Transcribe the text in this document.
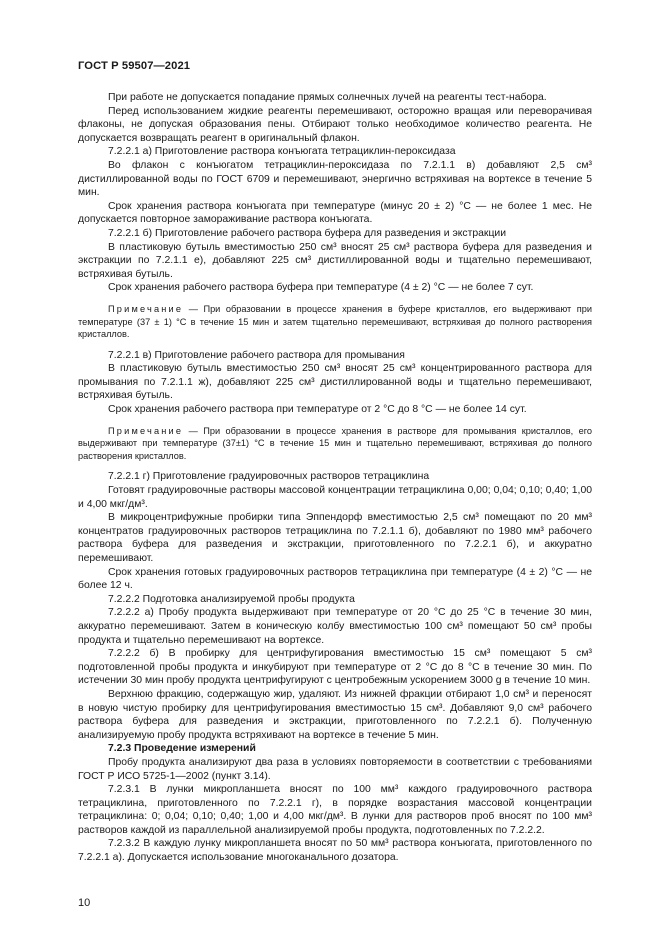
ГОСТ Р 59507—2021

При работе не допускается попадание прямых солнечных лучей на реагенты тест-набора.

Перед использованием жидкие реагенты перемешивают, осторожно вращая или переворачивая флаконы, не допуская образования пены. Отбирают только необходимое количество реагента. Не допускается возвращать реагент в оригинальный флакон.

7.2.2.1 а) Приготовление раствора конъюгата тетрациклин-пероксидаза

Во флакон с конъюгатом тетрациклин-пероксидаза по 7.2.1.1 в) добавляют 2,5 см³ дистиллированной воды по ГОСТ 6709 и перемешивают, энергично встряхивая на вортексе в течение 5 мин.

Срок хранения раствора конъюгата при температуре (минус 20 ± 2) °C — не более 1 мес. Не допускается повторное замораживание раствора конъюгата.

7.2.2.1 б) Приготовление рабочего раствора буфера для разведения и экстракции

В пластиковую бутыль вместимостью 250 см³ вносят 25 см³ раствора буфера для разведения и экстракции по 7.2.1.1 е), добавляют 225 см³ дистиллированной воды и тщательно перемешивают, встряхивая бутыль.

Срок хранения рабочего раствора буфера при температуре (4 ± 2) °C — не более 7 сут.

Примечание — При образовании в процессе хранения в буфере кристаллов, его выдерживают при температуре (37 ± 1) °C в течение 15 мин и затем тщательно перемешивают, встряхивая до полного растворения кристаллов.

7.2.2.1 в) Приготовление рабочего раствора для промывания

В пластиковую бутыль вместимостью 250 см³ вносят 25 см³ концентрированного раствора для промывания по 7.2.1.1 ж), добавляют 225 см³ дистиллированной воды и тщательно перемешивают, встряхивая бутыль.

Срок хранения рабочего раствора при температуре от 2 °C до 8 °C — не более 14 сут.

Примечание — При образовании в процессе хранения в растворе для промывания кристаллов, его выдерживают при температуре (37±1) °С в течение 15 мин и тщательно перемешивают, встряхивая до полного растворения кристаллов.

7.2.2.1 г) Приготовление градуировочных растворов тетрациклина

Готовят градуировочные растворы массовой концентрации тетрациклина 0,00; 0,04; 0,10; 0,40; 1,00 и 4,00 мкг/дм³.

В микроцентрифужные пробирки типа Эппендорф вместимостью 2,5 см³ помещают по 20 мм³ концентратов градуировочных растворов тетрациклина по 7.2.1.1 б), добавляют по 1980 мм³ рабочего раствора буфера для разведения и экстракции, приготовленного по 7.2.2.1 б), и аккуратно перемешивают.

Срок хранения готовых градуировочных растворов тетрациклина при температуре (4 ± 2) °C — не более 12 ч.

7.2.2.2 Подготовка анализируемой пробы продукта

7.2.2.2 а) Пробу продукта выдерживают при температуре от 20 °C до 25 °C в течение 30 мин, аккуратно перемешивают. Затем в коническую колбу вместимостью 100 см³ помещают 50 см³ пробы продукта и тщательно перемешивают на вортексе.

7.2.2.2 б) В пробирку для центрифугирования вместимостью 15 см³ помещают 5 см³ подготовленной пробы продукта и инкубируют при температуре от 2 °C до 8 °C в течение 30 мин. По истечении 30 мин пробу продукта центрифугируют с центробежным ускорением 3000 g в течение 10 мин.

Верхнюю фракцию, содержащую жир, удаляют. Из нижней фракции отбирают 1,0 см³ и переносят в новую чистую пробирку для центрифугирования вместимостью 15 см³. Добавляют 9,0 см³ рабочего раствора буфера для разведения и экстракции, приготовленного по 7.2.2.1 б). Полученную анализируемую пробу продукта встряхивают на вортексе в течение 5 мин.

7.2.3 Проведение измерений

Пробу продукта анализируют два раза в условиях повторяемости в соответствии с требованиями ГОСТ Р ИСО 5725-1—2002 (пункт 3.14).

7.2.3.1 В лунки микропланшета вносят по 100 мм³ каждого градуировочного раствора тетрациклина, приготовленного по 7.2.2.1 г), в порядке возрастания массовой концентрации тетрациклина: 0; 0,04; 0,10; 0,40; 1,00 и 4,00 мкг/дм³. В лунки для растворов проб вносят по 100 мм³ растворов каждой из параллельной анализируемой пробы продукта, подготовленных по 7.2.2.2.

7.2.3.2 В каждую лунку микропланшета вносят по 50 мм³ раствора конъюгата, приготовленного по 7.2.2.1 а). Допускается использование многоканального дозатора.

10
